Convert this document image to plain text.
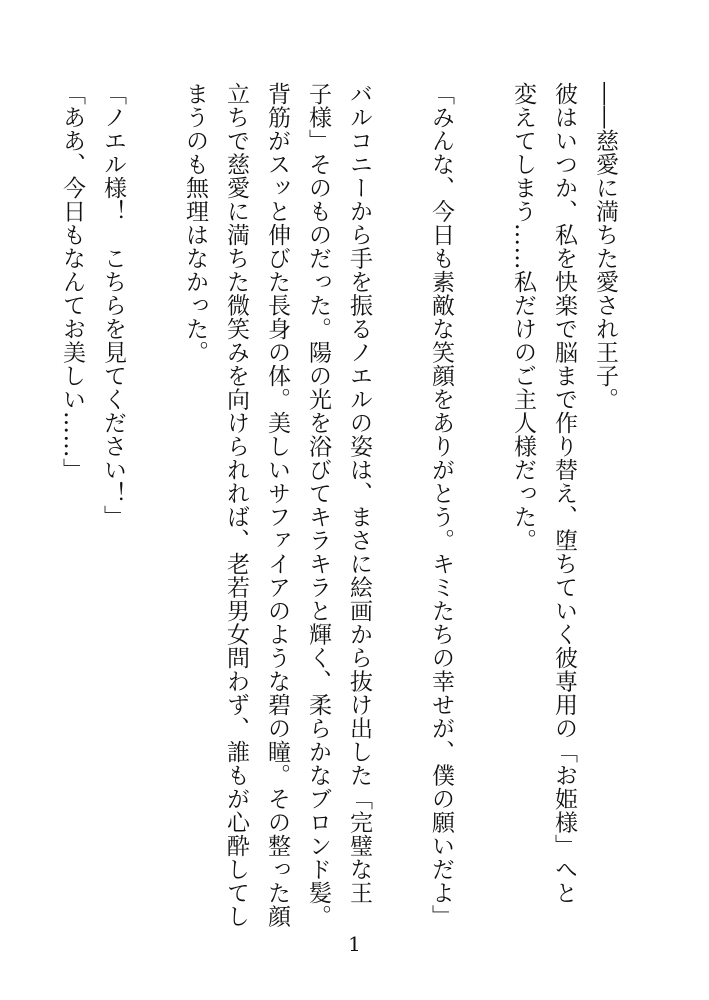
――慈愛に満ちた愛され王子。
彼はいつか、私を快楽で脳まで作り替え、堕ちていく彼専用の「お姫様」へと
変えてしまう……私だけのご主人様だった。
「みんな、今日も素敵な笑顔をありがとう。キミたちの幸せが、僕の願いだよ」
バルコニーから手を振るノエルの姿は、まさに絵画から抜け出した「完璧な王
子様」そのものだった。陽の光を浴びてキラキラと輝く、柔らかなブロンド髪。
背筋がスッと伸びた長身の体。美しいサファイアのような碧の瞳。その整った顔
立ちで慈愛に満ちた微笑みを向けられれば、老若男女問わず、誰もが心酔してし
まうのも無理はなかった。
「ノエル様！　こちらを見てください！」
「ああ、今日もなんてお美しい……」
1
